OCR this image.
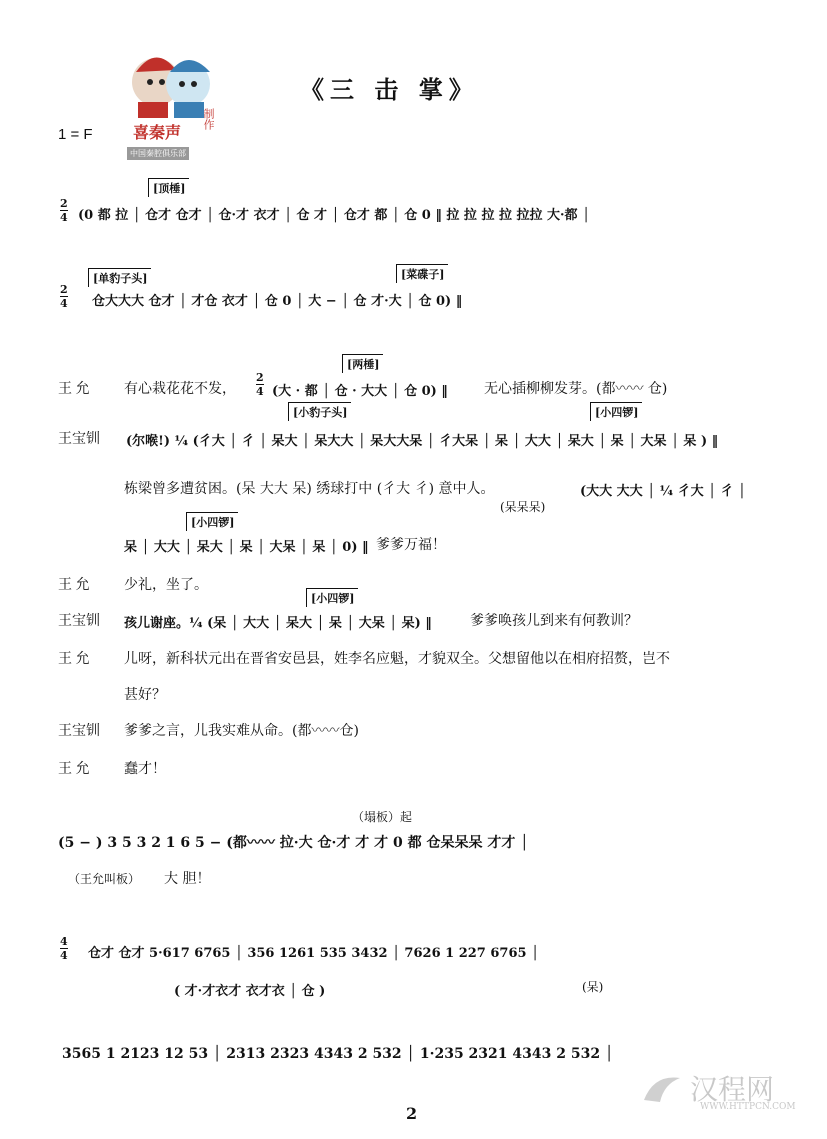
《三 击 掌》
1 = F	喜秦声
制作
中国秦腔俱乐部
[顶棰]
2
4 (0 都 拉 │ 仓才 仓才 │ 仓·才 衣才 │ 仓 才 │ 仓才 都 │ 仓 0 ‖ 拉 拉 拉 拉 拉拉 大·都 │
[单豹子头]	[菜碟子]
2
4 仓大大大 仓才 │ 才仓 衣才 │ 仓 0 │ 大 − │ 仓 才·大 │ 仓 0) ‖
[两棰]
王 允 有心栽花花不发，
2
4 (大 · 都 │ 仓 · 大大 │ 仓 0) ‖	无心插柳柳发芽。(都〰〰 仓)
[小豹子头]	[小四锣]
王宝钏 (尔喉!) ¼ (彳大 │ 彳 │ 呆大 │ 呆大大 │ 呆大大呆 │ 彳大呆 │ 呆 │ 大大 │ 呆大 │ 呆 │ 大呆 │ 呆 ) ‖
栋梁曾多遭贫困。(呆 大大 呆) 绣球打中 (彳大 彳) 意中人。	(大大 大大 │ ¼ 彳大 │ 彳 │
(呆呆呆)
[小四锣]
呆 │ 大大 │ 呆大 │ 呆 │ 大呆 │ 呆 │ 0) ‖ 爹爹万福！
王 允 少礼，坐了。
[小四锣]
王宝钏 孩儿谢座。¼ (呆 │ 大大 │ 呆大 │ 呆 │ 大呆 │ 呆) ‖	爹爹唤孩儿到来有何教训？
王 允 儿呀，新科状元出在晋省安邑县，姓李名应魁，才貌双全。父想留他以在相府招赘，岂不
甚好？
王宝钏 爹爹之言，儿我实难从命。(都〰〰仓)
王 允 蠢才！
（塌板）起
(5 − ) 3 5 3 2 1 6 5 − (都〰〰 拉·大 仓·才 才 才 0 都 仓呆呆呆 才才 │
（王允叫板） 大 胆！
4
4 仓才 仓才 5·617 6765 │ 356 1261 535 3432 │ 7626 1 227 6765 │
( 才·才衣才 衣才衣 │ 仓 )	(呆)
3565 1 2123 12 53 │ 2313 2323 4343 2 532 │ 1·235 2321 4343 2 532 │
2
汉程网
WWW.HTTPCN.COM
